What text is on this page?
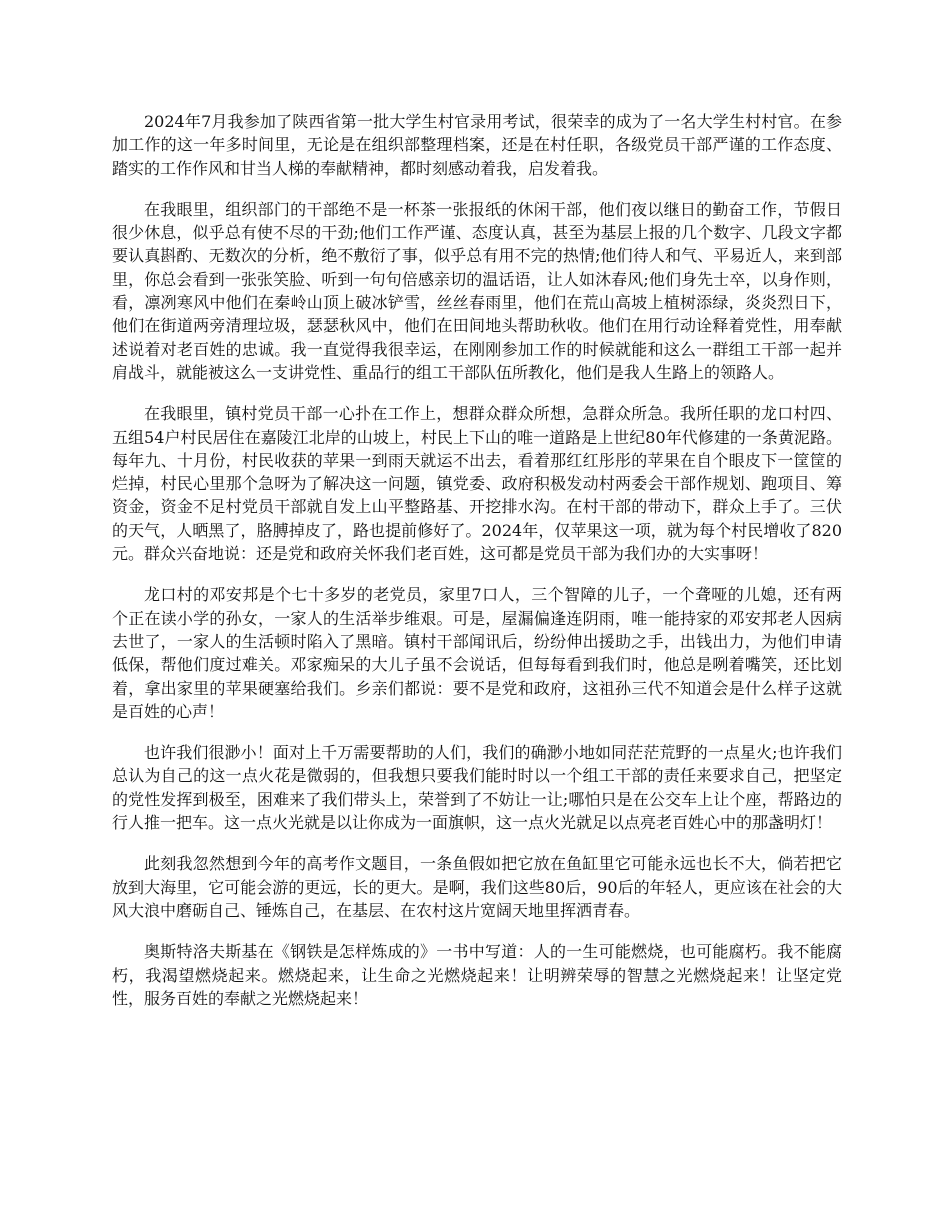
2024年7月我参加了陕西省第一批大学生村官录用考试，很荣幸的成为了一名大学生村村官。在参加工作的这一年多时间里，无论是在组织部整理档案，还是在村任职，各级党员干部严谨的工作态度、踏实的工作作风和甘当人梯的奉献精神，都时刻感动着我，启发着我。

在我眼里，组织部门的干部绝不是一杯茶一张报纸的休闲干部，他们夜以继日的勤奋工作，节假日很少休息，似乎总有使不尽的干劲;他们工作严谨、态度认真，甚至为基层上报的几个数字、几段文字都要认真斟酌、无数次的分析，绝不敷衍了事，似乎总有用不完的热情;他们待人和气、平易近人，来到部里，你总会看到一张张笑脸、听到一句句倍感亲切的温话语，让人如沐春风;他们身先士卒，以身作则，看，凛冽寒风中他们在秦岭山顶上破冰铲雪，丝丝春雨里，他们在荒山高坡上植树添绿，炎炎烈日下，他们在街道两旁清理垃圾，瑟瑟秋风中，他们在田间地头帮助秋收。他们在用行动诠释着党性，用奉献述说着对老百姓的忠诚。我一直觉得我很幸运，在刚刚参加工作的时候就能和这么一群组工干部一起并肩战斗，就能被这么一支讲党性、重品行的组工干部队伍所教化，他们是我人生路上的领路人。

在我眼里，镇村党员干部一心扑在工作上，想群众群众所想，急群众所急。我所任职的龙口村四、五组54户村民居住在嘉陵江北岸的山坡上，村民上下山的唯一道路是上世纪80年代修建的一条黄泥路。每年九、十月份，村民收获的苹果一到雨天就运不出去，看着那红红彤彤的苹果在自个眼皮下一筐筐的烂掉，村民心里那个急呀为了解决这一问题，镇党委、政府积极发动村两委会干部作规划、跑项目、筹资金，资金不足村党员干部就自发上山平整路基、开挖排水沟。在村干部的带动下，群众上手了。三伏的天气，人晒黑了，胳膊掉皮了，路也提前修好了。2024年，仅苹果这一项，就为每个村民增收了820元。群众兴奋地说：还是党和政府关怀我们老百姓，这可都是党员干部为我们办的大实事呀！

龙口村的邓安邦是个七十多岁的老党员，家里7口人，三个智障的儿子，一个聋哑的儿媳，还有两个正在读小学的孙女，一家人的生活举步维艰。可是，屋漏偏逢连阴雨，唯一能持家的邓安邦老人因病去世了，一家人的生活顿时陷入了黑暗。镇村干部闻讯后，纷纷伸出援助之手，出钱出力，为他们申请低保，帮他们度过难关。邓家痴呆的大儿子虽不会说话，但每每看到我们时，他总是咧着嘴笑，还比划着，拿出家里的苹果硬塞给我们。乡亲们都说：要不是党和政府，这祖孙三代不知道会是什么样子这就是百姓的心声！

也许我们很渺小！面对上千万需要帮助的人们，我们的确渺小地如同茫茫荒野的一点星火;也许我们总认为自己的这一点火花是微弱的，但我想只要我们能时时以一个组工干部的责任来要求自己，把坚定的党性发挥到极至，困难来了我们带头上，荣誉到了不妨让一让;哪怕只是在公交车上让个座，帮路边的行人推一把车。这一点火光就是以让你成为一面旗帜，这一点火光就足以点亮老百姓心中的那盏明灯！

此刻我忽然想到今年的高考作文题目，一条鱼假如把它放在鱼缸里它可能永远也长不大，倘若把它放到大海里，它可能会游的更远，长的更大。是啊，我们这些80后，90后的年轻人，更应该在社会的大风大浪中磨砺自己、锤炼自己，在基层、在农村这片宽阔天地里挥洒青春。

奥斯特洛夫斯基在《钢铁是怎样炼成的》一书中写道：人的一生可能燃烧，也可能腐朽。我不能腐朽，我渴望燃烧起来。燃烧起来，让生命之光燃烧起来！让明辨荣辱的智慧之光燃烧起来！让坚定党性，服务百姓的奉献之光燃烧起来！
